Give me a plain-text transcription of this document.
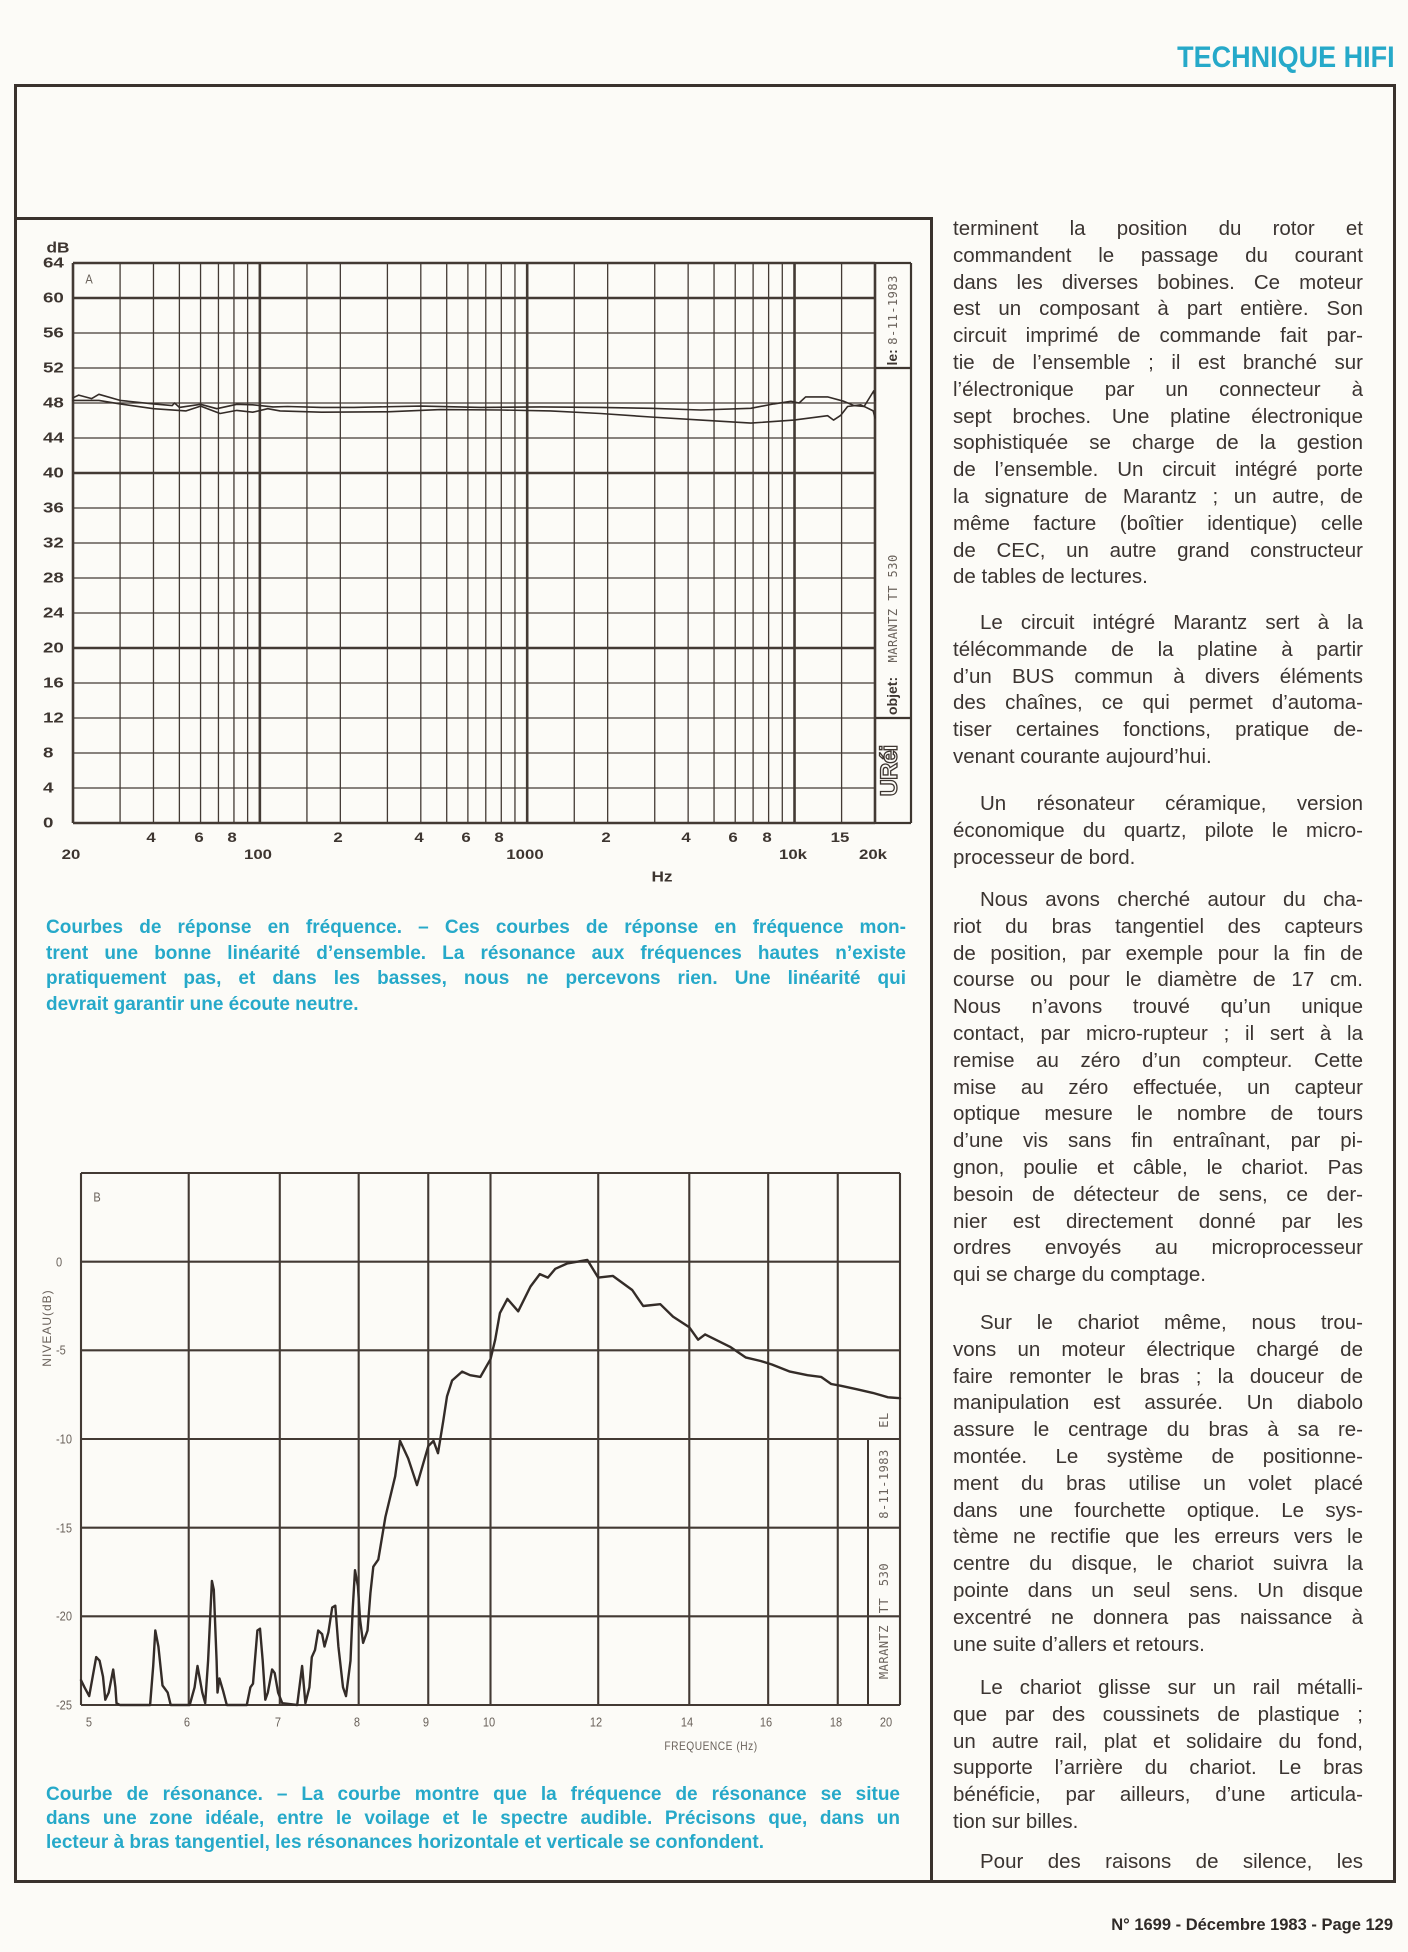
TECHNIQUE HIFI
0
4
8
12
16
20
24
28
32
36
40
44
48
52
56
60
64
4	6 8	2	4	6 8	2	4	6 8	15
20	100	1000	10k	20k
0
-5
-10
-15
-20
-25
5	6	7	8	9	10	12	14	16	18	20
dB
A
Hz
le: 8-11-1983
objet: MARANTZ TT 530
URéi
Courbes de réponse en fréquence. – Ces courbes de réponse en fréquence mon-
trent une bonne linéarité d’ensemble. La résonance aux fréquences hautes n’existe
pratiquement pas, et dans les basses, nous ne percevons rien. Une linéarité qui
devrait garantir une écoute neutre.
B
NIVEAU(dB)
FREQUENCE (Hz)
EL
8-11-1983
MARANTZ TT 530
Courbe de résonance. – La courbe montre que la fréquence de résonance se situe
dans une zone idéale, entre le voilage et le spectre audible. Précisons que, dans un
lecteur à bras tangentiel, les résonances horizontale et verticale se confondent.
terminent la position du rotor et
commandent le passage du courant
dans les diverses bobines. Ce moteur
est un composant à part entière. Son
circuit imprimé de commande fait par-
tie de l’ensemble ; il est branché sur
l’électronique par un connecteur à
sept broches. Une platine électronique
sophistiquée se charge de la gestion
de l’ensemble. Un circuit intégré porte
la signature de Marantz ; un autre, de
même facture (boîtier identique) celle
de CEC, un autre grand constructeur
de tables de lectures.
Le circuit intégré Marantz sert à la
télécommande de la platine à partir
d’un BUS commun à divers éléments
des chaînes, ce qui permet d’automa-
tiser certaines fonctions, pratique de-
venant courante aujourd’hui.
Un résonateur céramique, version
économique du quartz, pilote le micro-
processeur de bord.
Nous avons cherché autour du cha-
riot du bras tangentiel des capteurs
de position, par exemple pour la fin de
course ou pour le diamètre de 17 cm.
Nous n’avons trouvé qu’un unique
contact, par micro-rupteur ; il sert à la
remise au zéro d’un compteur. Cette
mise au zéro effectuée, un capteur
optique mesure le nombre de tours
d’une vis sans fin entraînant, par pi-
gnon, poulie et câble, le chariot. Pas
besoin de détecteur de sens, ce der-
nier est directement donné par les
ordres envoyés au microprocesseur
qui se charge du comptage.
Sur le chariot même, nous trou-
vons un moteur électrique chargé de
faire remonter le bras ; la douceur de
manipulation est assurée. Un diabolo
assure le centrage du bras à sa re-
montée. Le système de positionne-
ment du bras utilise un volet placé
dans une fourchette optique. Le sys-
tème ne rectifie que les erreurs vers le
centre du disque, le chariot suivra la
pointe dans un seul sens. Un disque
excentré ne donnera pas naissance à
une suite d’allers et retours.
Le chariot glisse sur un rail métalli-
que par des coussinets de plastique ;
un autre rail, plat et solidaire du fond,
supporte l’arrière du chariot. Le bras
bénéficie, par ailleurs, d’une articula-
tion sur billes.
Pour des raisons de silence, les
N° 1699 - Décembre 1983 - Page 129
